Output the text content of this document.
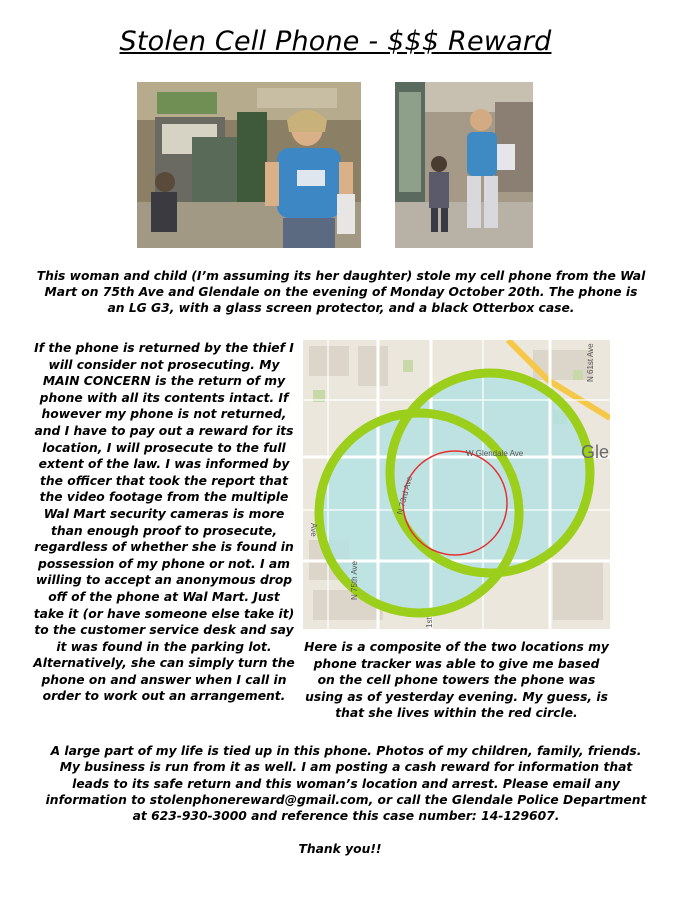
Stolen Cell Phone - $$$ Reward
This woman and child (I’m assuming its her daughter) stole my cell phone from the Wal Mart on 75th Ave and Glendale on the evening of Monday October 20th. The phone is an LG G3, with a glass screen protector, and a black Otterbox case.
If the phone is returned by the thief I will consider not prosecuting. My MAIN CONCERN is the return of my phone with all its contents intact. If however my phone is not returned, and I have to pay out a reward for its location, I will prosecute to the full extent of the law. I was informed by the officer that took the report that the video footage from the multiple Wal Mart security cameras is more than enough proof to prosecute, regardless of whether she is found in possession of my phone or not. I am willing to accept an anonymous drop off of the phone at Wal Mart. Just take it (or have someone else take it) to the customer service desk and say it was found in the parking lot. Alternatively, she can simply turn the phone on and answer when I call in order to work out an arrangement.
W Glendale Ave	Gle
N 73rd Ave
N 75th Ave
N 61st Ave
Ave
1st
Here is a composite of the two locations my phone tracker was able to give me based on the cell phone towers the phone was using as of yesterday evening. My guess, is that she lives within the red circle.
A large part of my life is tied up in this phone. Photos of my children, family, friends. My business is run from it as well. I am posting a cash reward for information that leads to its safe return and this woman’s location and arrest. Please email any information to stolenphonereward@gmail.com, or call the Glendale Police Department at 623-930-3000 and reference this case number: 14-129607.
Thank you!!
